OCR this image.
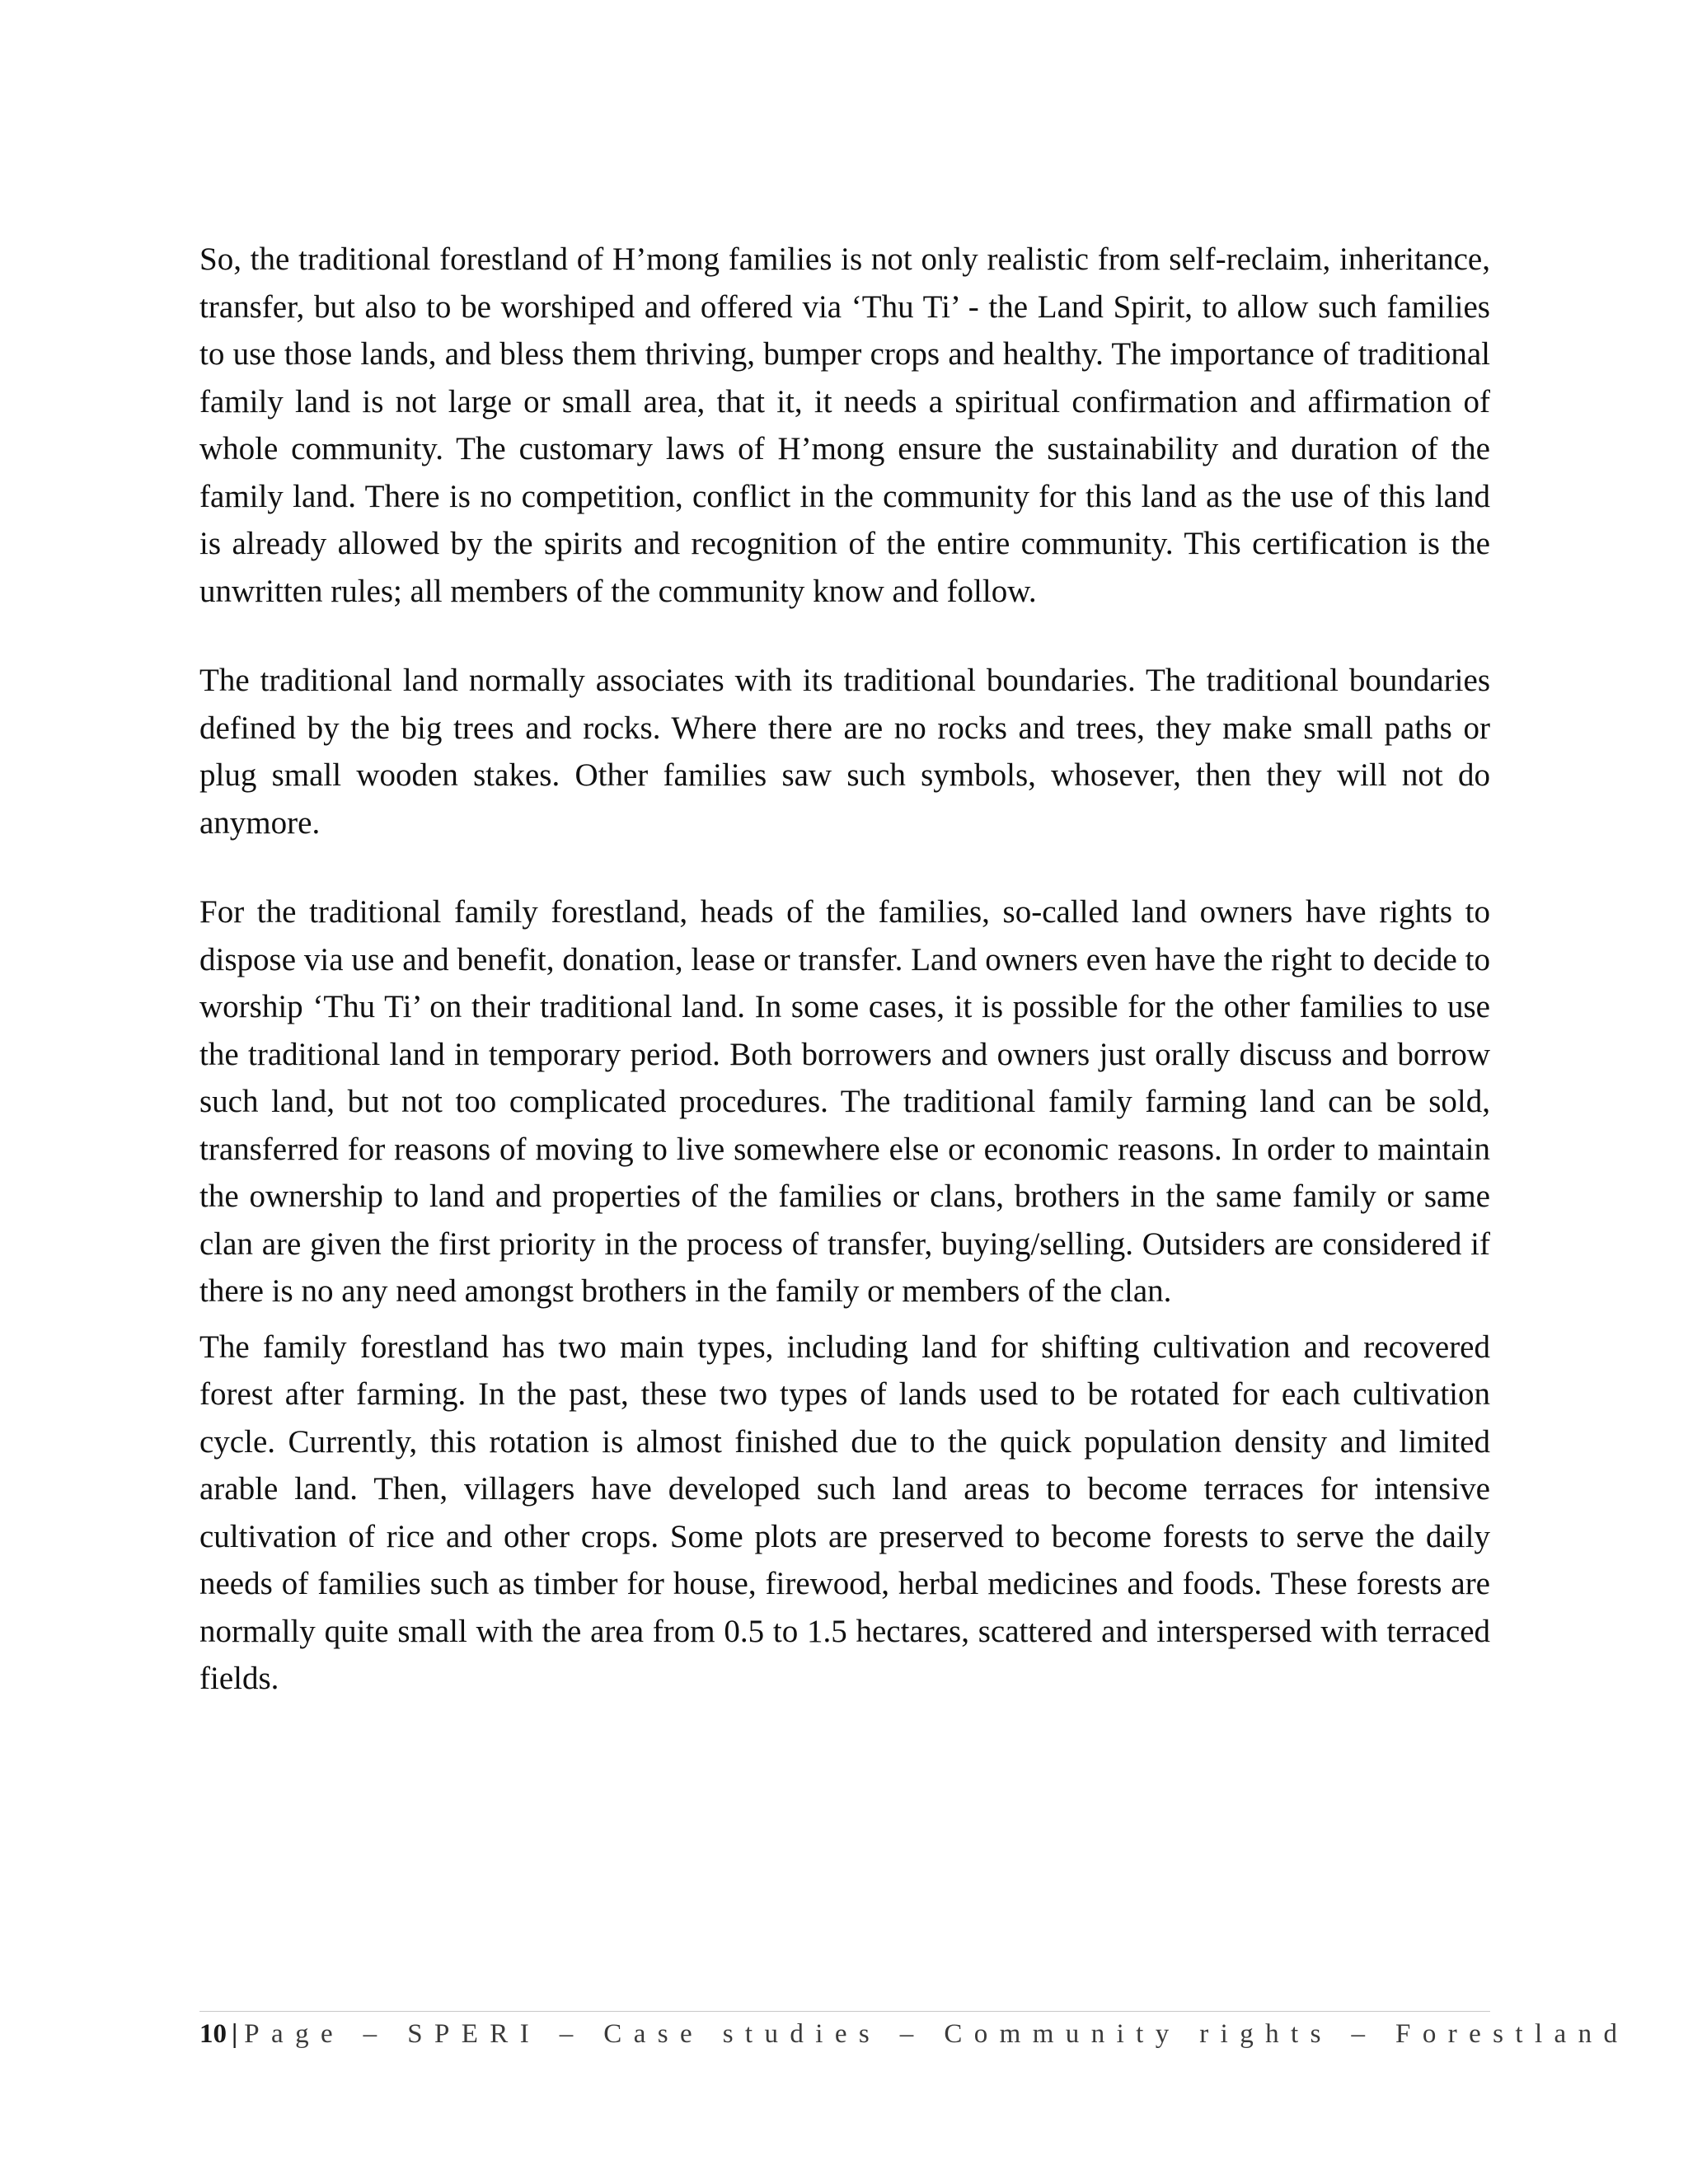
So, the traditional forestland of H’mong families is not only realistic from self-reclaim, inheritance, transfer, but also to be worshiped and offered via ‘Thu Ti’ - the Land Spirit, to allow such families to use those lands, and bless them thriving, bumper crops and healthy. The importance of traditional family land is not large or small area, that it, it needs a spiritual confirmation and affirmation of whole community. The customary laws of H’mong ensure the sustainability and duration of the family land. There is no competition, conflict in the community for this land as the use of this land is already allowed by the spirits and recognition of the entire community. This certification is the unwritten rules; all members of the community know and follow.

The traditional land normally associates with its traditional boundaries. The traditional boundaries defined by the big trees and rocks. Where there are no rocks and trees, they make small paths or plug small wooden stakes. Other families saw such symbols, whosever, then they will not do anymore.

For the traditional family forestland, heads of the families, so-called land owners have rights to dispose via use and benefit, donation, lease or transfer. Land owners even have the right to decide to worship ‘Thu Ti’ on their traditional land. In some cases, it is possible for the other families to use the traditional land in temporary period. Both borrowers and owners just orally discuss and borrow such land, but not too complicated procedures. The traditional family farming land can be sold, transferred for reasons of moving to live somewhere else or economic reasons. In order to maintain the ownership to land and properties of the families or clans, brothers in the same family or same clan are given the first priority in the process of transfer, buying/selling. Outsiders are considered if there is no any need amongst brothers in the family or members of the clan.

The family forestland has two main types, including land for shifting cultivation and recovered forest after farming. In the past, these two types of lands used to be rotated for each cultivation cycle. Currently, this rotation is almost finished due to the quick population density and limited arable land. Then, villagers have developed such land areas to become terraces for intensive cultivation of rice and other crops. Some plots are preserved to become forests to serve the daily needs of families such as timber for house, firewood, herbal medicines and foods. These forests are normally quite small with the area from 0.5 to 1.5 hectares, scattered and interspersed with terraced fields.

10 | Page – SPERI – Case studies – Community rights – Forestland
